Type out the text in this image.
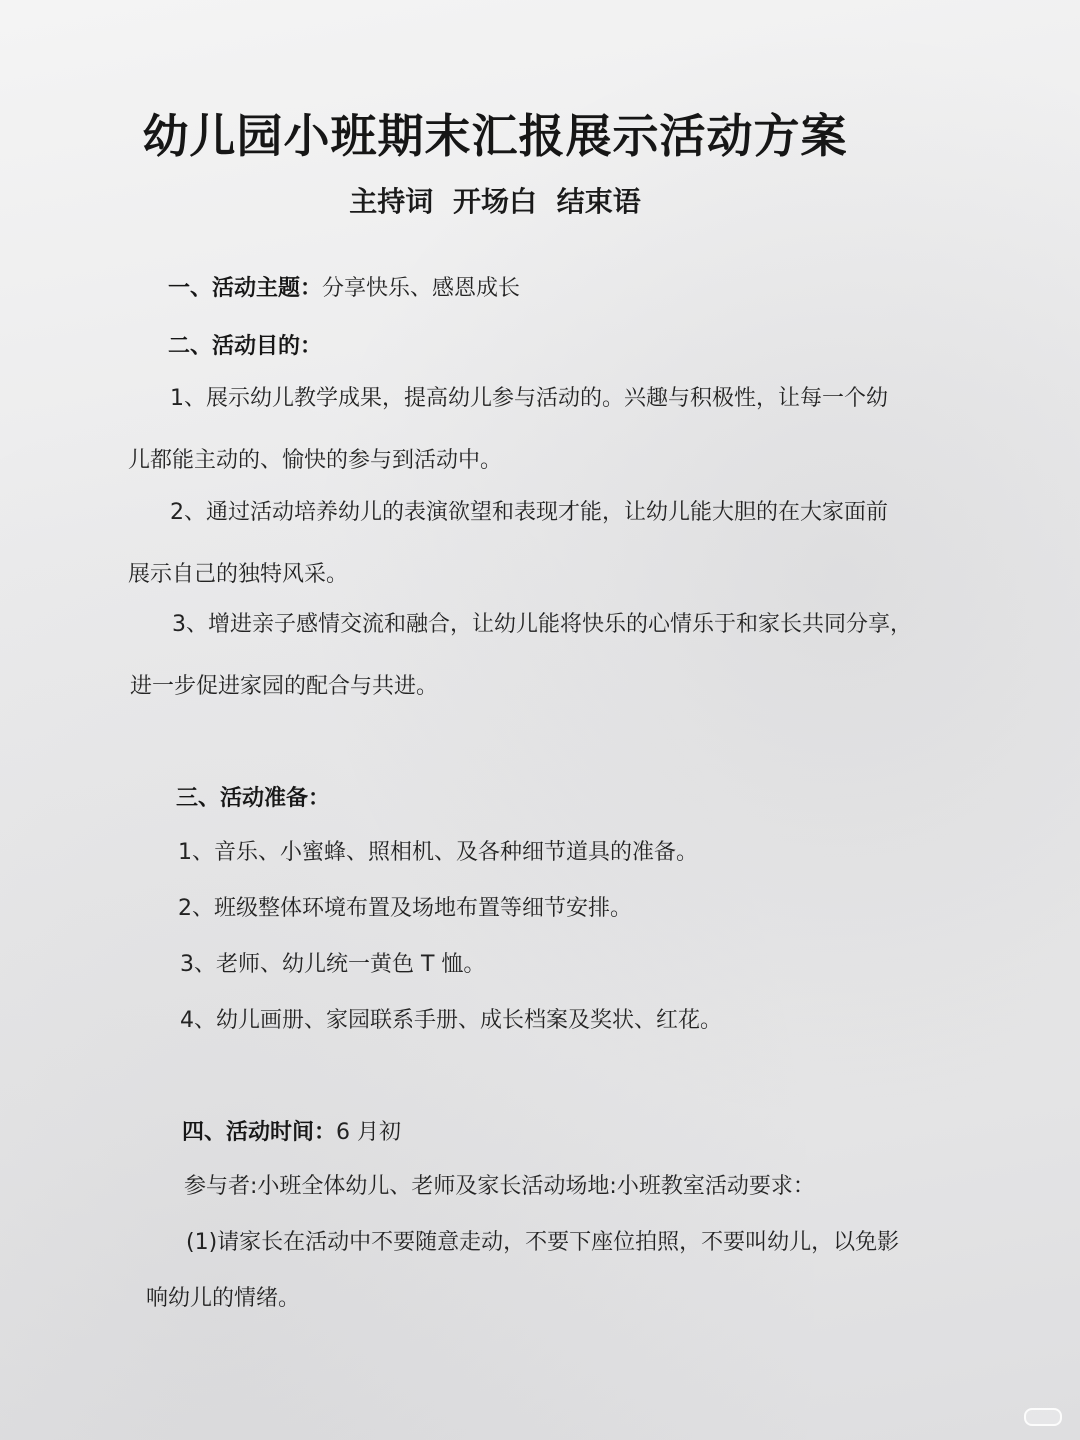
幼儿园小班期末汇报展示活动方案
主持词 开场白 结束语
一、活动主题：分享快乐、感恩成长
二、活动目的：
1、展示幼儿教学成果，提高幼儿参与活动的。兴趣与积极性，让每一个幼
儿都能主动的、愉快的参与到活动中。
2、通过活动培养幼儿的表演欲望和表现才能，让幼儿能大胆的在大家面前
展示自己的独特风采。
3、增进亲子感情交流和融合，让幼儿能将快乐的心情乐于和家长共同分享，
进一步促进家园的配合与共进。
三、活动准备：
1、音乐、小蜜蜂、照相机、及各种细节道具的准备。
2、班级整体环境布置及场地布置等细节安排。
3、老师、幼儿统一黄色 T 恤。
4、幼儿画册、家园联系手册、成长档案及奖状、红花。
四、活动时间：6 月初
参与者:小班全体幼儿、老师及家长活动场地:小班教室活动要求：
(1)请家长在活动中不要随意走动，不要下座位拍照，不要叫幼儿，以免影
响幼儿的情绪。
